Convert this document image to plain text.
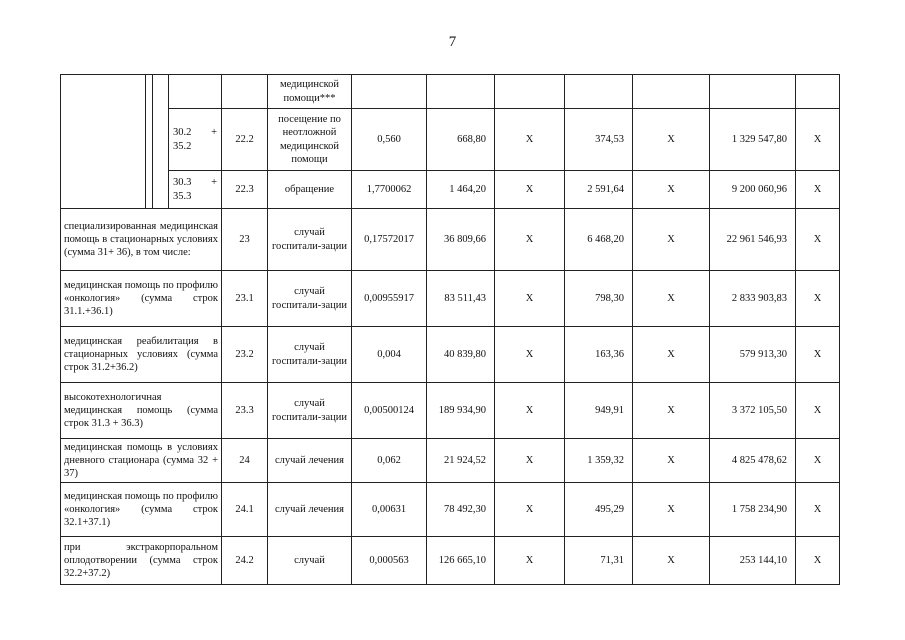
7
					медицинской помощи***							
			30.2 + 35.2	22.2	посещение по неотложной медицинской помощи	0,560	668,80	X	374,53	X	1 329 547,80	X
			30.3 + 35.3	22.3	обращение	1,7700062	1 464,20	X	2 591,64	X	9 200 060,96	X
специализированная медицинская помощь в стационарных условиях (сумма 31+ 36), в том числе:				23	случай госпитали-зации	0,17572017	36 809,66	X	6 468,20	X	22 961 546,93	X
медицинская помощь по профилю «онкология» (сумма строк 31.1.+36.1)				23.1	случай госпитали-зации	0,00955917	83 511,43	X	798,30	X	2 833 903,83	X
медицинская реабилитация в стационарных условиях (сумма строк 31.2+36.2)				23.2	случай госпитали-зации	0,004	40 839,80	X	163,36	X	579 913,30	X
высокотехнологичная медицинская помощь (сумма строк 31.3 + 36.3)				23.3	случай госпитали-зации	0,00500124	189 934,90	X	949,91	X	3 372 105,50	X
медицинская помощь в условиях дневного стационара (сумма 32 + 37)				24	случай лечения	0,062	21 924,52	X	1 359,32	X	4 825 478,62	X
медицинская помощь по профилю «онкология» (сумма строк 32.1+37.1)				24.1	случай лечения	0,00631	78 492,30	X	495,29	X	1 758 234,90	X
при экстракорпоральном оплодотворении (сумма строк 32.2+37.2)				24.2	случай	0,000563	126 665,10	X	71,31	X	253 144,10	X
